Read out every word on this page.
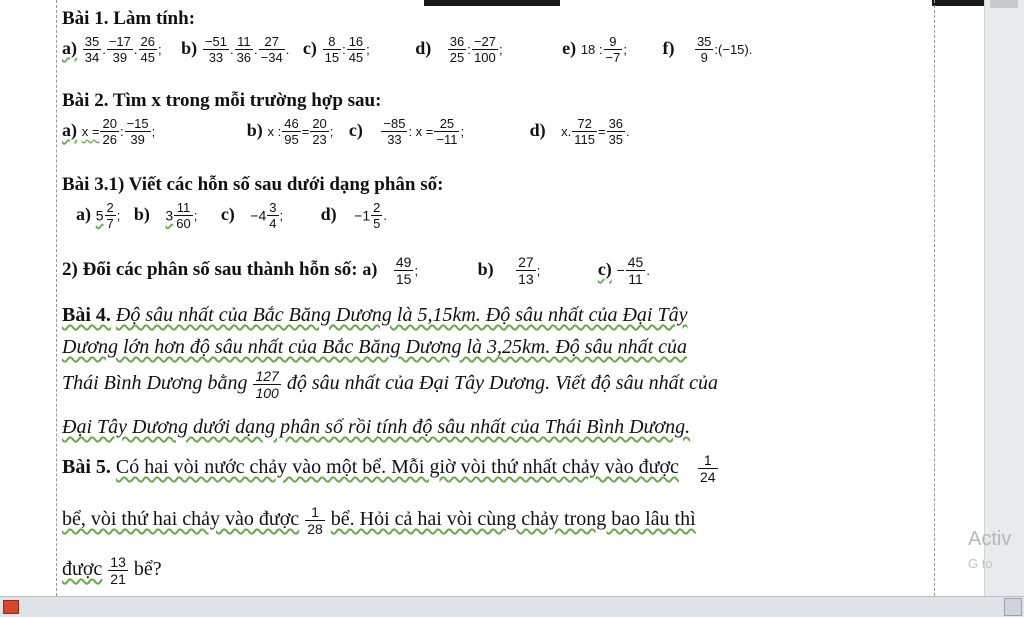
Bài 1. Làm tính:
$a) \frac{35}{34}$ . $\frac{-17}{39}$ . $\frac{26}{45}$ ; $b) \frac{-51}{33}$ . $\frac{11}{36}$ . $\frac{27}{-34}$ . $c) \frac{8}{15}$ : $\frac{16}{45}$ ;	$d) \frac{36}{25}$ : $\frac{-27}{100}$ ;	e) 18 : $\frac{9}{-7}$ ; $f) \frac{35}{9}$ :(−15).
Bài 2. Tìm x trong mỗi trường hợp sau:
a) $x = \frac{20}{26}$ : $\frac{-15}{39}$ ;	b) x : $\frac{46}{95} = \frac{20}{23}$ ; $c) \frac{-85}{33}$ : $x = \frac{25}{-11}$ ;	d) x. $\frac{72}{115} = \frac{36}{35}$ .
Bài 3.1) Viết các hỗn số sau dưới dạng phân số:
a) $5 \frac{2}{7}$ ; b) $3 \frac{11}{60}$ ; $c) -4 \frac{3}{4}$ ; $d) -1 \frac{2}{5}$ .
2) Đổi các phân số sau thành hỗn số: $a) \frac{49}{15}$ ;	$b) \frac{27}{13}$ ;	$c) - \frac{45}{11}$ .
Bài 4. Độ sâu nhất của Bắc Băng Dương là 5,15km. Độ sâu nhất của Đại Tây
Dương lớn hơn độ sâu nhất của Bắc Băng Dương là 3,25km. Độ sâu nhất của
Thái Bình Dương bằng $\frac{127}{100}$ độ sâu nhất của Đại Tây Dương. Viết độ sâu nhất của
Đại Tây Dương dưới dạng phân số rồi tính độ sâu nhất của Thái Bình Dương.
Bài 5. Có hai vòi nước chảy vào một bể. Mỗi giờ vòi thứ nhất chảy vào được $\frac{1}{24}$
bể, vòi thứ hai chảy vào được $\frac{1}{28}$ bể. Hỏi cả hai vòi cùng chảy trong bao lâu thì
được $\frac{13}{21}$ bể?
Activ
G to
